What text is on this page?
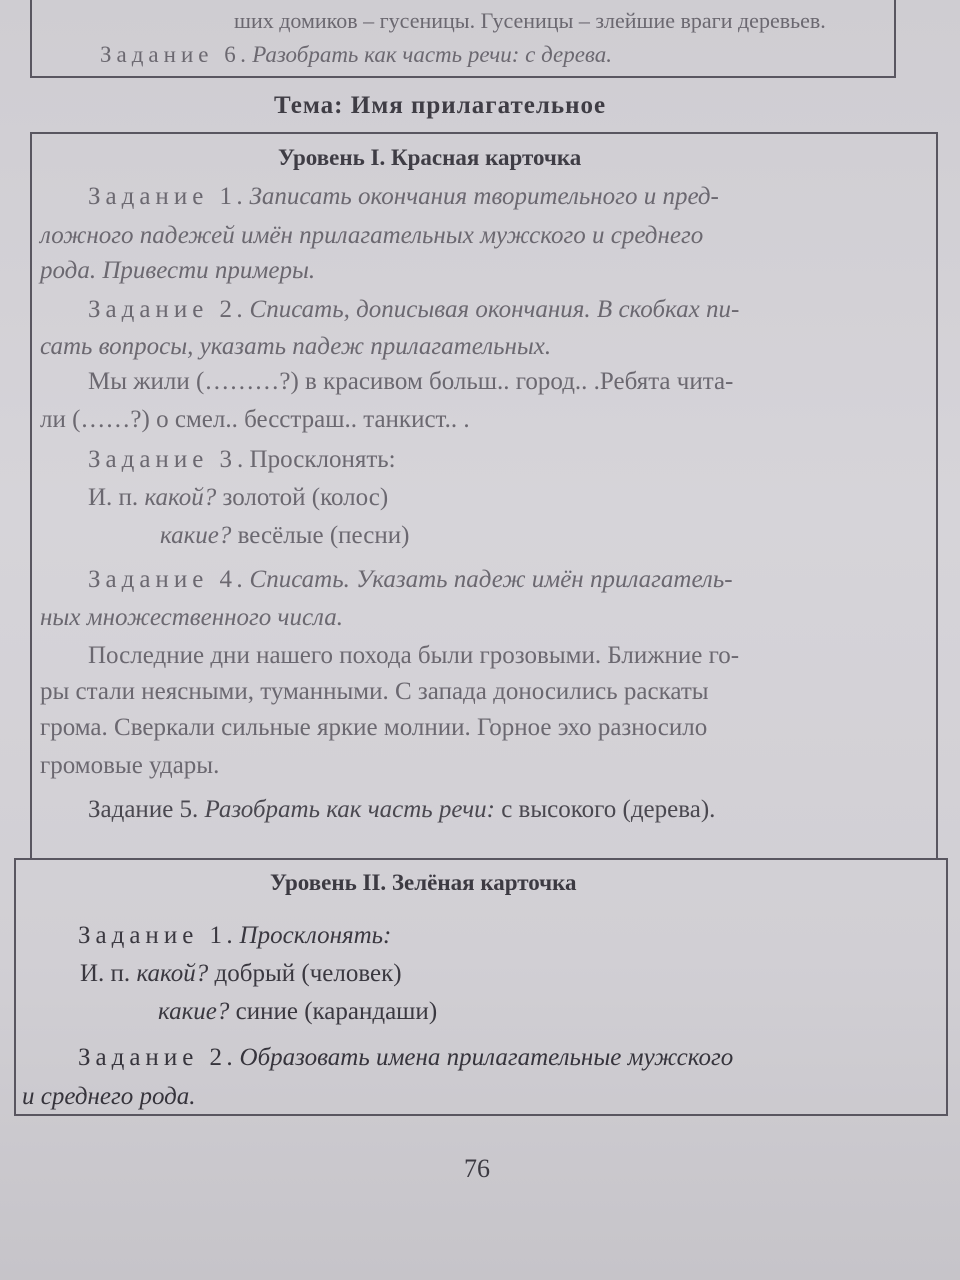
ших домиков – гусеницы. Гусеницы – злейшие враги деревьев.
Задание 6. Разобрать как часть речи: с дерева.
Тема: Имя прилагательное
Уровень I. Красная карточка
Задание 1. Записать окончания творительного и пред-
ложного падежей имён прилагательных мужского и среднего
рода. Привести примеры.
Задание 2. Списать, дописывая окончания. В скобках пи-
сать вопросы, указать падеж прилагательных.
Мы жили (………?) в красивом больш.. город.. .Ребята чита-
ли (……?) о смел.. бесстраш.. танкист.. .
Задание 3. Просклонять:
И. п. какой? золотой (колос)
какие? весёлые (песни)
Задание 4. Списать. Указать падеж имён прилагатель-
ных множественного числа.
Последние дни нашего похода были грозовыми. Ближние го-
ры стали неясными, туманными. С запада доносились раскаты
грома. Сверкали сильные яркие молнии. Горное эхо разносило
громовые удары.
Задание 5. Разобрать как часть речи: с высокого (дерева).
Уровень II. Зелёная карточка
Задание 1. Просклонять:
И. п. какой? добрый (человек)
какие? синие (карандаши)
Задание 2. Образовать имена прилагательные мужского
и среднего рода.
76
